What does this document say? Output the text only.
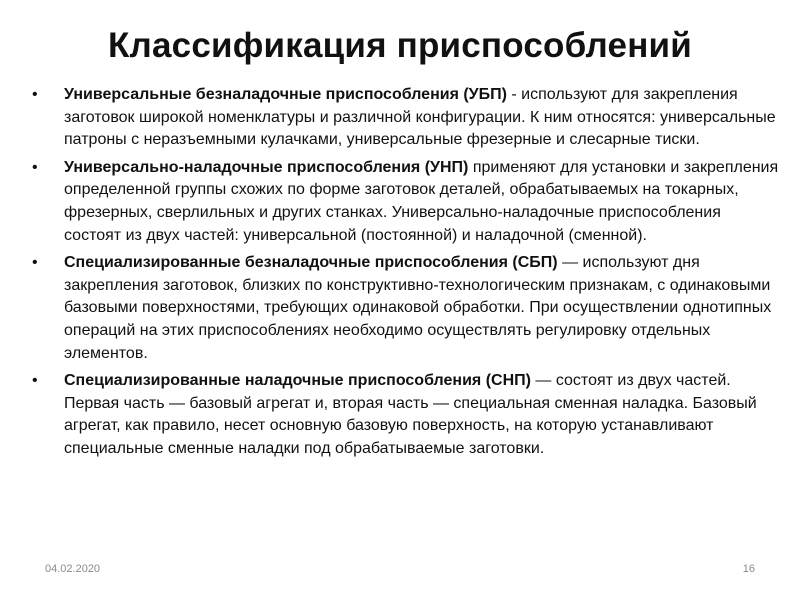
Классификация приспособлений
• Универсальные безналадочные приспособления (УБП) - используют для закрепления заготовок широкой номенклатуры и различной конфигурации. К ним относятся: универсальные патроны с неразъемными кулачками, универсальные фрезерные и слесарные тиски.
• Универсально-наладочные приспособления (УНП) применяют для установки и закрепления определенной группы схожих по форме заготовок деталей, обрабатываемых на токарных, фрезерных, сверлильных и других станках. Универсально-наладочные приспособления состоят из двух частей: универсальной (постоянной) и наладочной (сменной).
• Специализированные безналадочные приспособления (СБП) — используют дня закрепления заготовок, близких по конструктивно-технологическим признакам, с одинаковыми базовыми поверхностями, требующих одинаковой обработки. При осуществлении однотипных операций на этих приспособлениях необходимо осуществлять регулировку отдельных элементов.
• Специализированные наладочные приспособления (СНП) — состоят из двух частей. Первая часть — базовый агрегат и, вторая часть — специальная сменная наладка. Базовый агрегат, как правило, несет основную базовую поверхность, на которую устанавливают специальные сменные наладки под обрабатываемые заготовки.
04.02.2020	16
